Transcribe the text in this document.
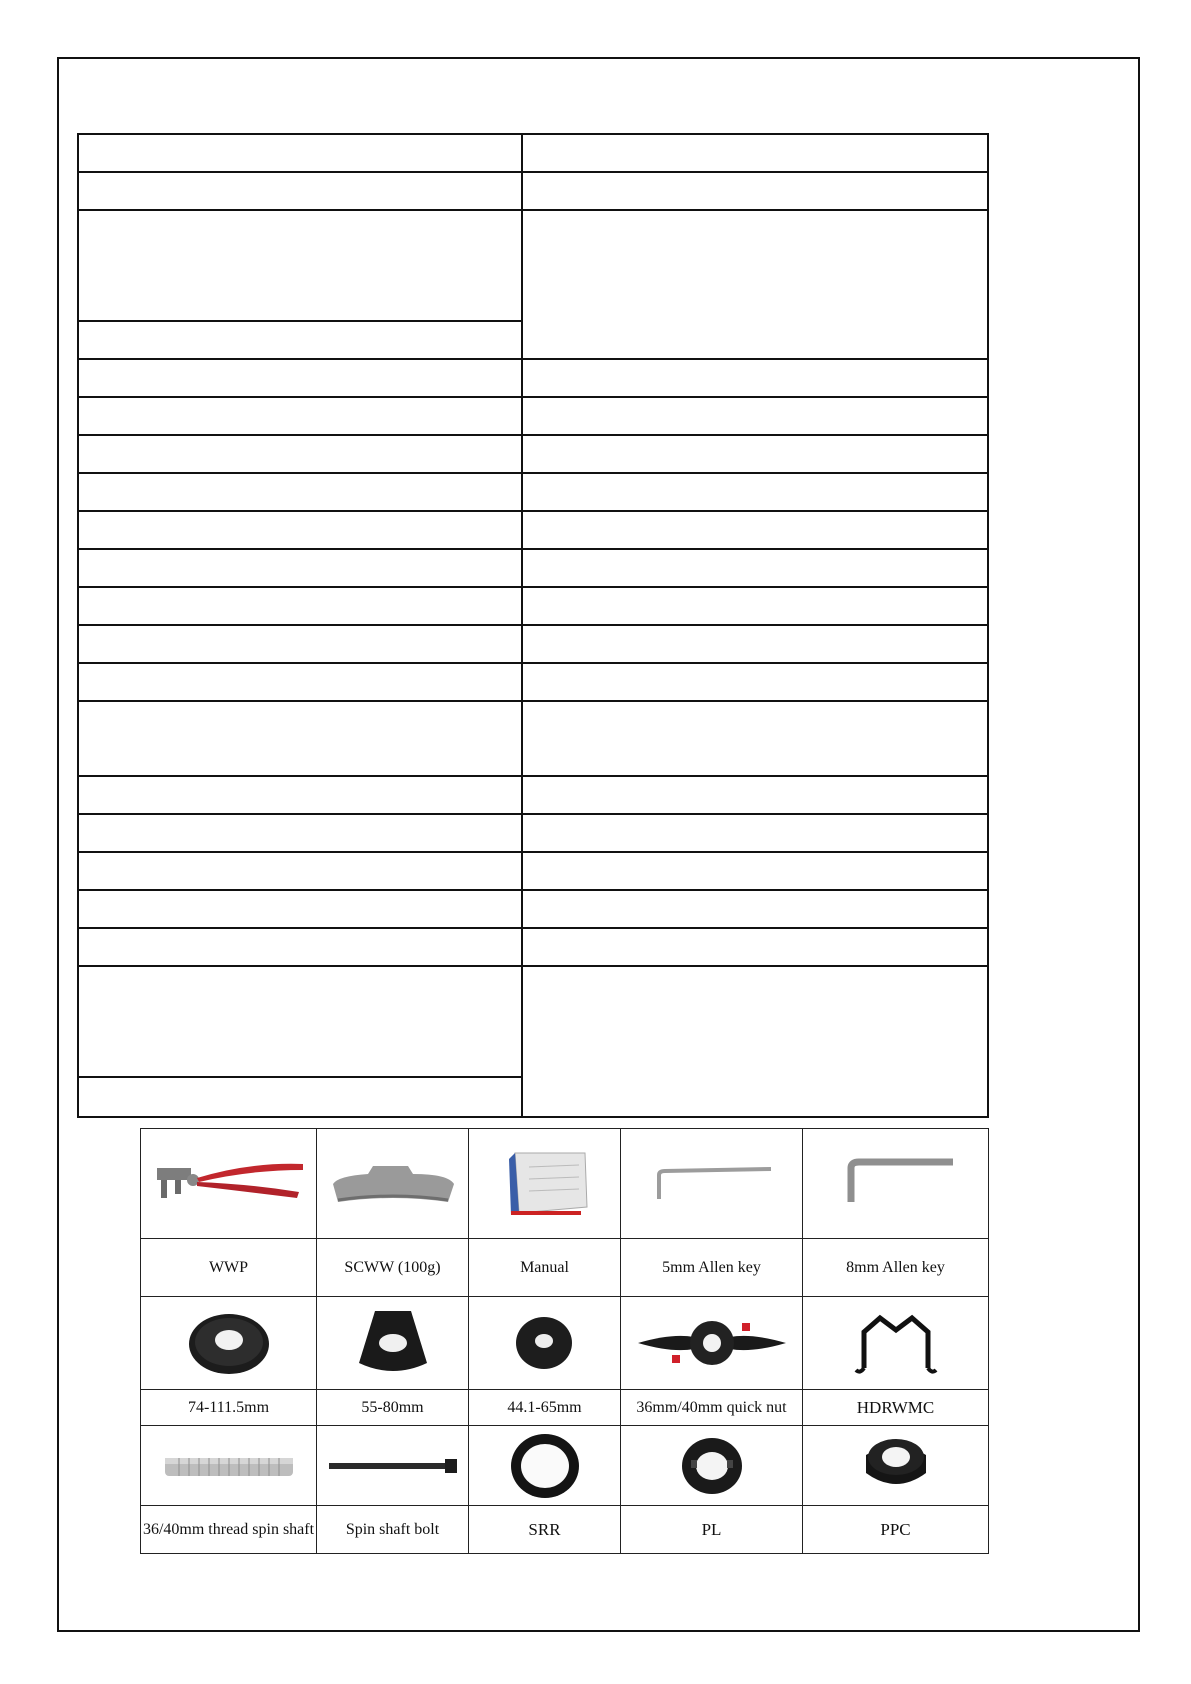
WWP	SCWW (100g)	Manual	5mm Allen key	8mm Allen key

74-111.5mm	55-80mm	44.1-65mm	36mm/40mm quick nut	HDRWMC

36/40mm thread spin shaft	Spin shaft bolt	SRR	PL	PPC
